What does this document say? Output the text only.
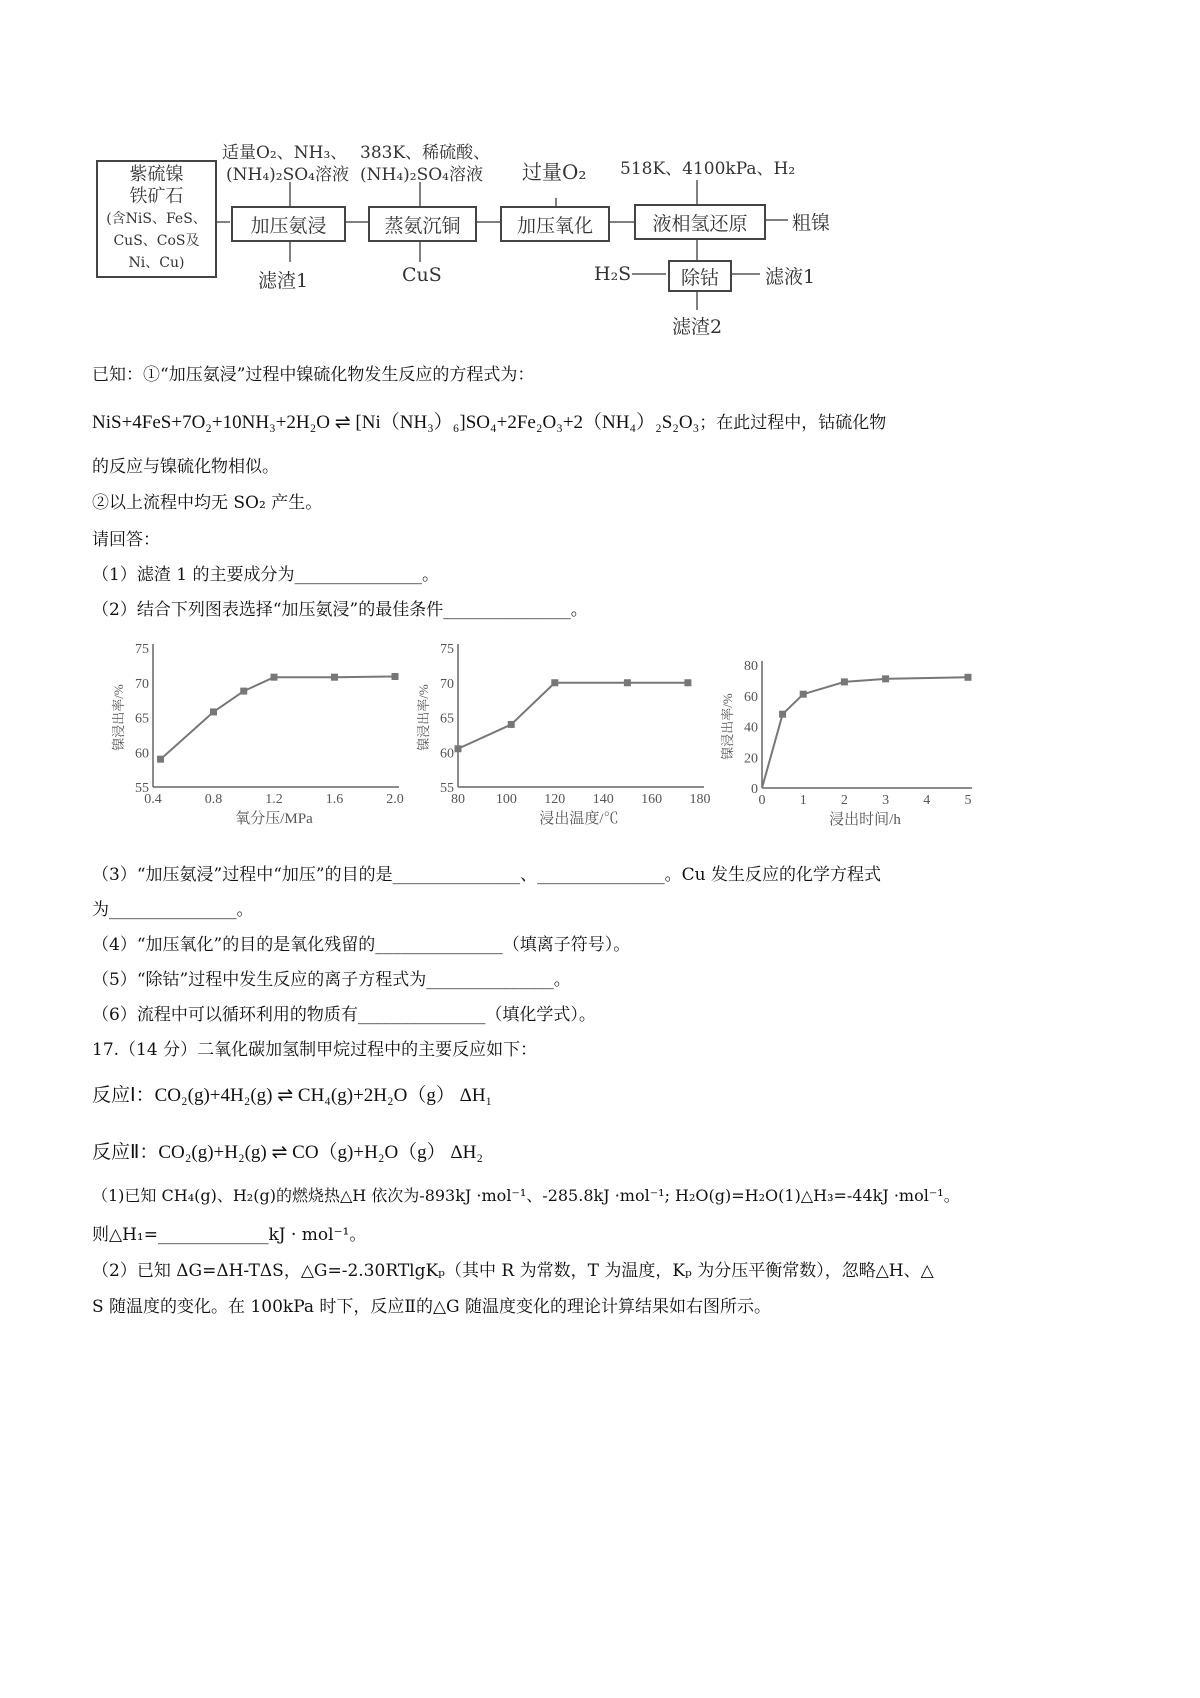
紫硫镍
铁矿石
(含NiS、FeS、
CuS、CoS及
Ni、Cu)
加压氨浸	蒸氨沉铜	加压氧化	液相氢还原
除钴
适量O₂、NH₃、
(NH₄)₂SO₄溶液
383K、稀硫酸、
(NH₄)₂SO₄溶液 过量O₂ 518K、4100kPa、H₂
H₂S
滤渣1	CuS
粗镍
滤液1
滤渣2
已知：①“加压氨浸”过程中镍硫化物发生反应的方程式为：
NiS+4FeS+7O₂+10NH₃+2H₂O ⇌ [Ni（NH₃）₆]SO₄+2Fe₂O₃+2（NH₄）₂S₂O₃；在此过程中，钴硫化物
的反应与镍硫化物相似。
②以上流程中均无 SO₂ 产生。
请回答：
（1）滤渣 1 的主要成分为_______________。
（2）结合下列图表选择“加压氨浸”的最佳条件_______________。
55
60
65
70
75
0.4	0.8	1.2	1.6	2.0
氧分压/MPa
镍浸出率/%
55
60
65
70
75
80 100 120 140 160 180
浸出温度/℃
镍浸出率/%
0
20
40
60
80
0 1 2 3 4 5
浸出时间/h
镍浸出率/%
（3）“加压氨浸”过程中“加压”的目的是_______________、_______________。Cu 发生反应的化学方程式
为_______________。
（4）“加压氧化”的目的是氧化残留的_______________（填离子符号）。
（5）“除钴”过程中发生反应的离子方程式为_______________。
（6）流程中可以循环利用的物质有_______________（填化学式）。
17.（14 分）二氧化碳加氢制甲烷过程中的主要反应如下：
反应Ⅰ：CO₂(g)+4H₂(g) ⇌ CH₄(g)+2H₂O（g） ΔH₁
反应Ⅱ：CO₂(g)+H₂(g) ⇌ CO（g)+H₂O（g） ΔH₂
（1)已知 CH₄(g)、H₂(g)的燃烧热△H 依次为-893kJ ·mol⁻¹、-285.8kJ ·mol⁻¹; H₂O(g)=H₂O(1)△H₃=-44kJ ·mol⁻¹。
则△H₁=_____________kJ · mol⁻¹。
（2）已知 ΔG=ΔH-TΔS，△G=-2.30RTlgKₚ（其中 R 为常数，T 为温度，Kₚ 为分压平衡常数），忽略△H、△
S 随温度的变化。在 100kPa 时下，反应Ⅱ的△G 随温度变化的理论计算结果如右图所示。
